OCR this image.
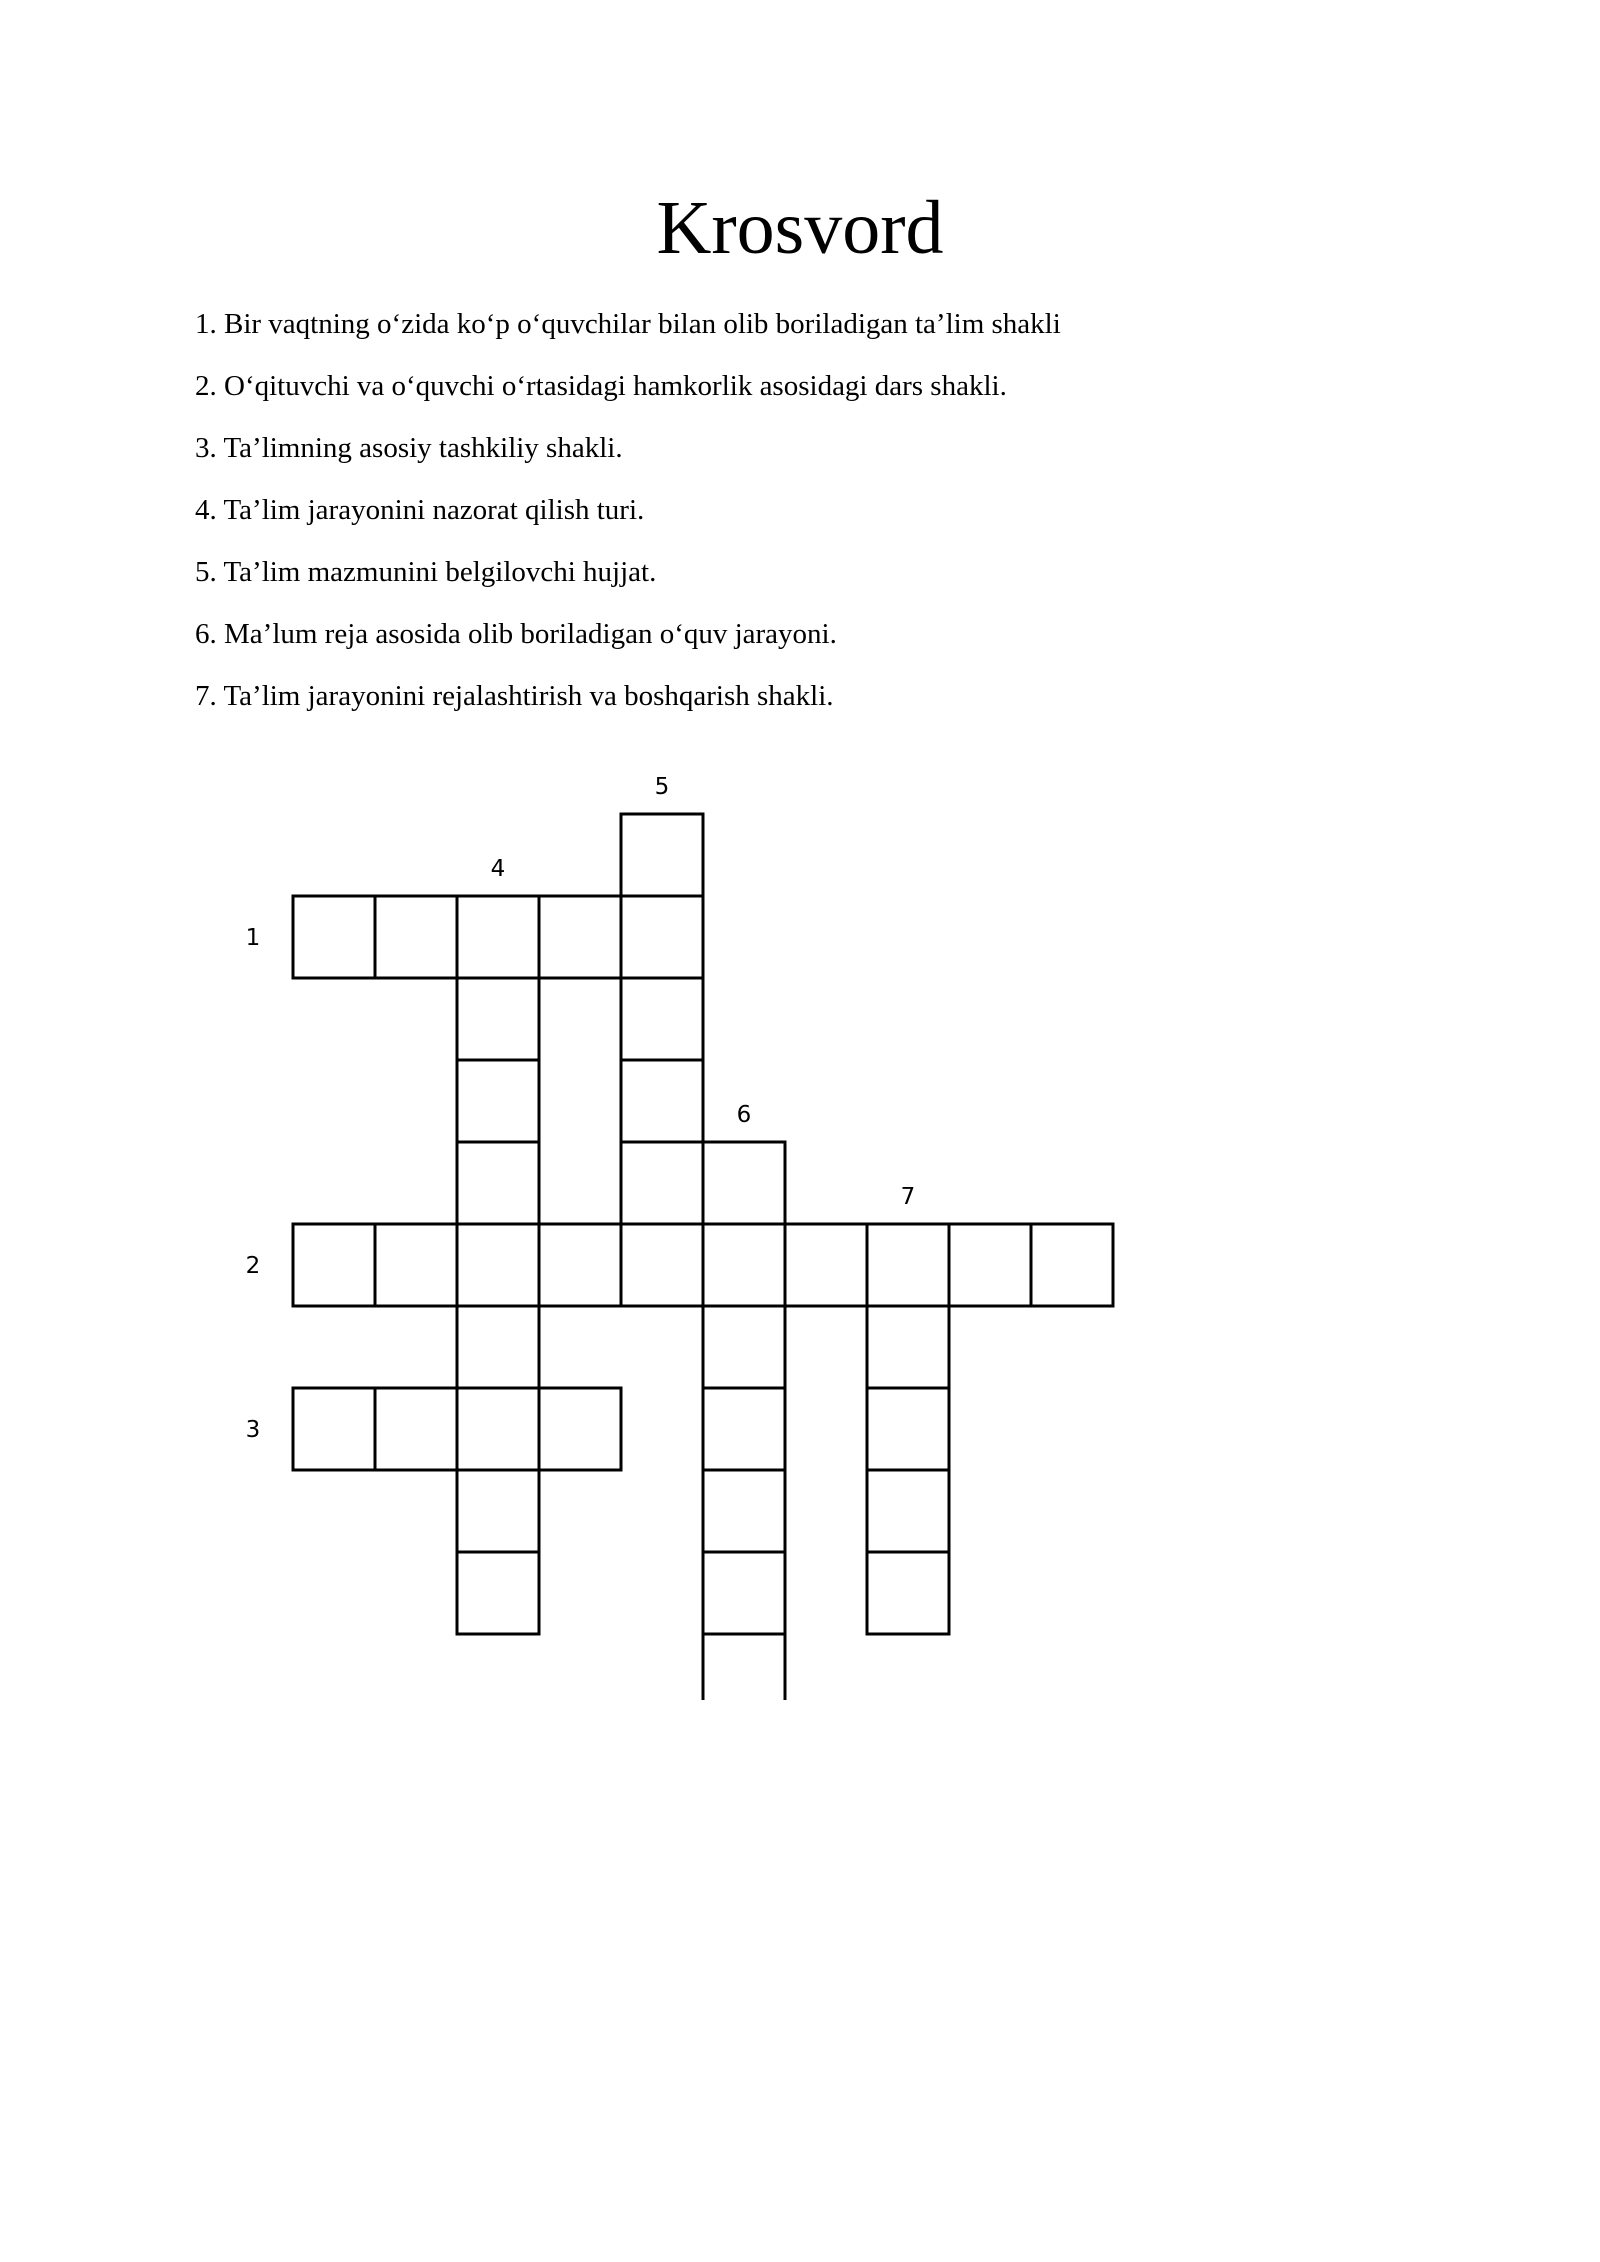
Krosvord
1. Bir vaqtning o‘zida ko‘p o‘quvchilar bilan olib boriladigan ta’lim shakli
2. O‘qituvchi va o‘quvchi o‘rtasidagi hamkorlik asosidagi dars shakli.
3. Ta’limning asosiy tashkiliy shakli.
4. Ta’lim jarayonini nazorat qilish turi.
5. Ta’lim mazmunini belgilovchi hujjat.
6. Ma’lum reja asosida olib boriladigan o‘quv jarayoni.
7. Ta’lim jarayonini rejalashtirish va boshqarish shakli.
1
2
3
4
5
6
7
